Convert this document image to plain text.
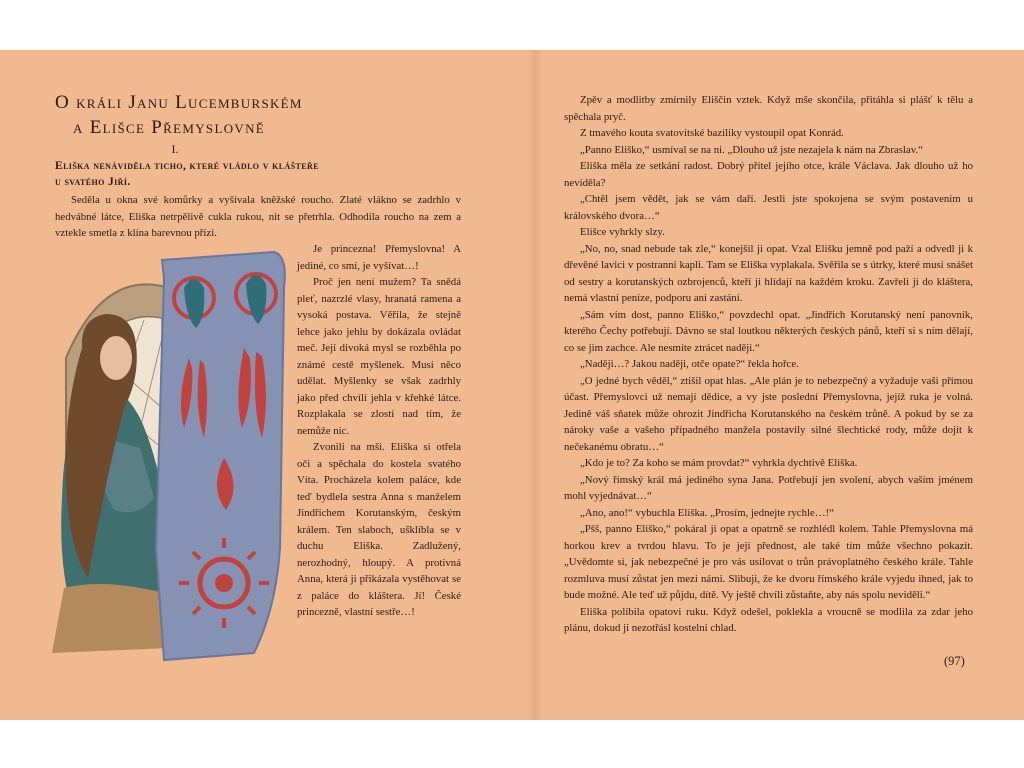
O králi Janu Lucemburském
a Elišce Přemyslovně
I.
Eliška nenáviděla ticho, které vládlo v klášteře
u svatého Jiří.

Seděla u okna své komůrky a vyšívala kněžské roucho. Zlaté vlákno se zadrhlo v hedvábné látce, Eliška netrpělivě cukla rukou, nit se přetrhla. Odhodila roucho na zem a vztekle smetla z klína barevnou přízi.

Je princezna! Přemyslovna! A jediné, co smí, je vyšívat…!

Proč jen není mužem? Ta snědá pleť, nazrzlé vlasy, hranatá ramena a vysoká postava. Věřila, že stejně lehce jako jehlu by dokázala ovládat meč. Její divoká mysl se rozběhla po známé cestě myšlenek. Musí něco udělat. Myšlenky se však zadrhly jako před chvílí jehla v křehké látce. Rozplakala se zlostí nad tím, že nemůže nic.

Zvonili na mši. Eliška si otřela oči a spěchala do kostela svatého Víta. Procházela kolem paláce, kde teď bydlela sestra Anna s manželem Jindřichem Korutanským, českým králem. Ten slaboch, ušklíbla se v duchu Eliška. Zadlužený, nerozhodný, hloupý. A protivná Anna, která ji přikázala vystěhovat se z paláce do kláštera. Jí! České princezně, vlastní sestře…!

Zpěv a modlitby zmírnily Eliščin vztek. Když mše skončila, přitáhla si plášť k tělu a spěchala pryč.

Z tmavého kouta svatovítské baziliky vystoupil opat Konrád.

„Panno Eliško,“ usmíval se na ni. „Dlouho už jste nezajela k nám na Zbraslav.“

Eliška měla ze setkání radost. Dobrý přítel jejího otce, krále Václava. Jak dlouho už ho neviděla?

„Chtěl jsem vědět, jak se vám daří. Jestli jste spokojena se svým postavením u královského dvora…“

Elišce vyhrkly slzy.

„No, no, snad nebude tak zle,“ konejšil ji opat. Vzal Elišku jemně pod paží a odvedl ji k dřevěné lavici v postranní kapli. Tam se Eliška vyplakala. Svěřila se s útrky, které musí snášet od sestry a korutanských ozbrojenců, kteří ji hlídají na každém kroku. Zavřeli ji do kláštera, nemá vlastní peníze, podporu ani zastání.

„Sám vím dost, panno Eliško,“ povzdechl opat. „Jindřich Korutanský není panovník, kterého Čechy potřebují. Dávno se stal loutkou některých českých pánů, kteří si s ním dělají, co se jim zachce. Ale nesmíte ztrácet naději.“

„Naději…? Jakou naději, otče opate?“ řekla hořce.

„O jedné bych věděl,“ ztišil opat hlas. „Ale plán je to nebezpečný a vyžaduje vaši přímou účast. Přemyslovci už nemají dědice, a vy jste poslední Přemyslovna, jejíž ruka je volná. Jedině váš sňatek může ohrozit Jindřicha Korutanského na českém trůně. A pokud by se za nároky vaše a vašeho případného manžela postavily silné šlechtické rody, může dojít k nečekanému obratu…“

„Kdo je to? Za koho se mám provdat?“ vyhrkla dychtivě Eliška.

„Nový římský král má jediného syna Jana. Potřebují jen svolení, abych vaším jménem mohl vyjednávat…“

„Ano, ano!“ vybuchla Eliška. „Prosím, jednejte rychle…!“

„Pšš, panno Eliško,“ pokáral ji opat a opatrně se rozhlédl kolem. Tahle Přemyslovna má horkou krev a tvrdou hlavu. To je její přednost, ale také tím může všechno pokazit. „Uvědomte si, jak nebezpečné je pro vás usilovat o trůn právoplatného českého krále. Tahle rozmluva musí zůstat jen mezi námi. Slibuji, že ke dvoru římského krále vyjedu ihned, jak to bude možné. Ale teď už půjdu, dítě. Vy ještě chvíli zůstaňte, aby nás spolu neviděli.“

Eliška políbila opatovi ruku. Když odešel, poklekla a vroucně se modlila za zdar jeho plánu, dokud ji nezotřásl kostelní chlad.

(97)
